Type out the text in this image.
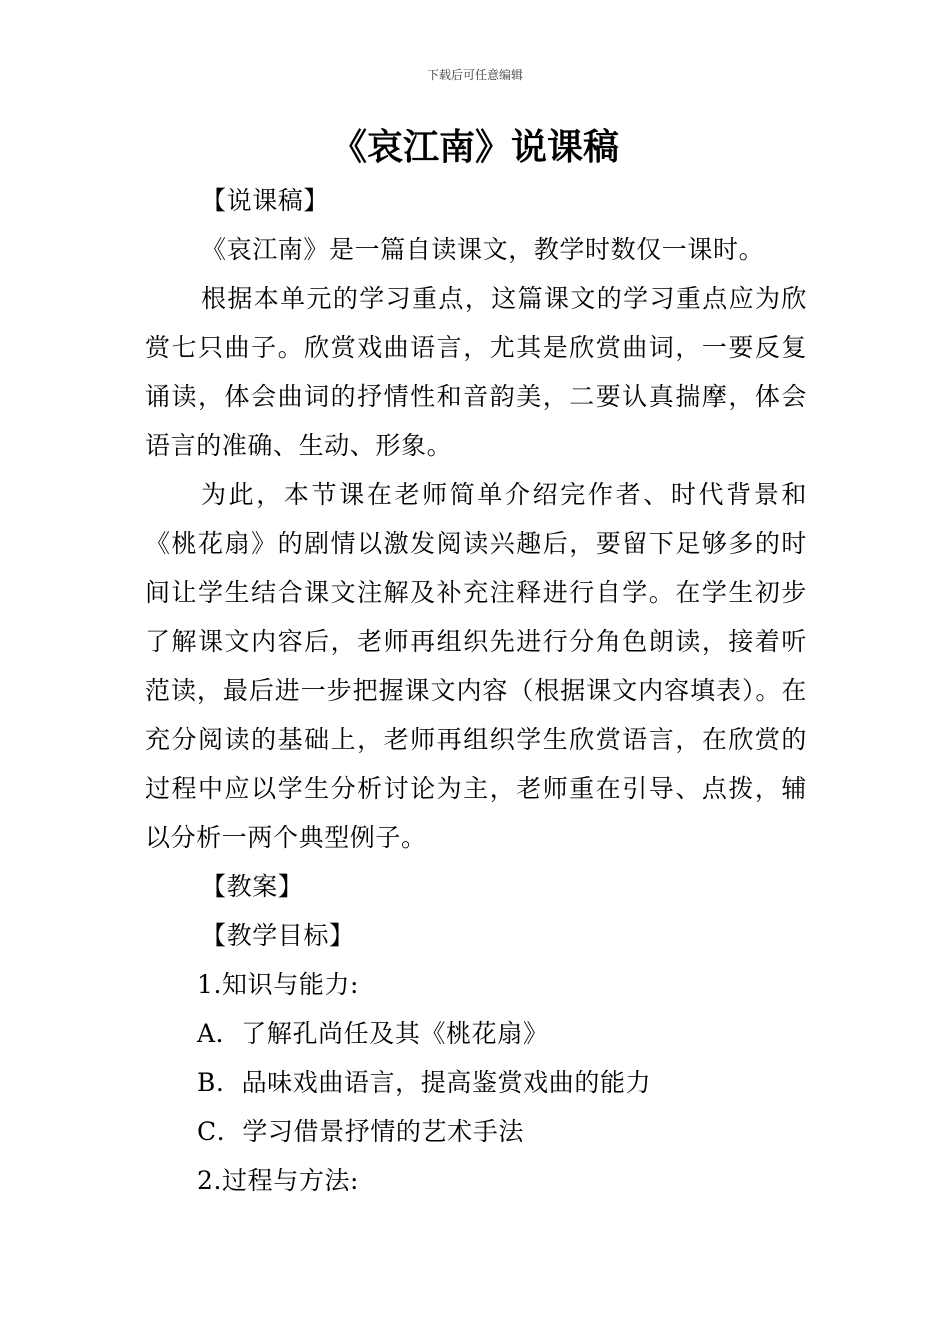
下载后可任意编辑
《哀江南》说课稿

【说课稿】

《哀江南》是一篇自读课文，教学时数仅一课时。

根据本单元的学习重点，这篇课文的学习重点应为欣赏七只曲子。欣赏戏曲语言，尤其是欣赏曲词，一要反复诵读，体会曲词的抒情性和音韵美，二要认真揣摩，体会语言的准确、生动、形象。

为此，本节课在老师简单介绍完作者、时代背景和《桃花扇》的剧情以激发阅读兴趣后，要留下足够多的时间让学生结合课文注解及补充注释进行自学。在学生初步了解课文内容后，老师再组织先进行分角色朗读，接着听范读，最后进一步把握课文内容（根据课文内容填表）。在充分阅读的基础上，老师再组织学生欣赏语言，在欣赏的过程中应以学生分析讨论为主，老师重在引导、点拨，辅以分析一两个典型例子。

【教案】

【教学目标】

1.知识与能力:

A．了解孔尚任及其《桃花扇》

B．品味戏曲语言，提高鉴赏戏曲的能力

C．学习借景抒情的艺术手法

2.过程与方法:
